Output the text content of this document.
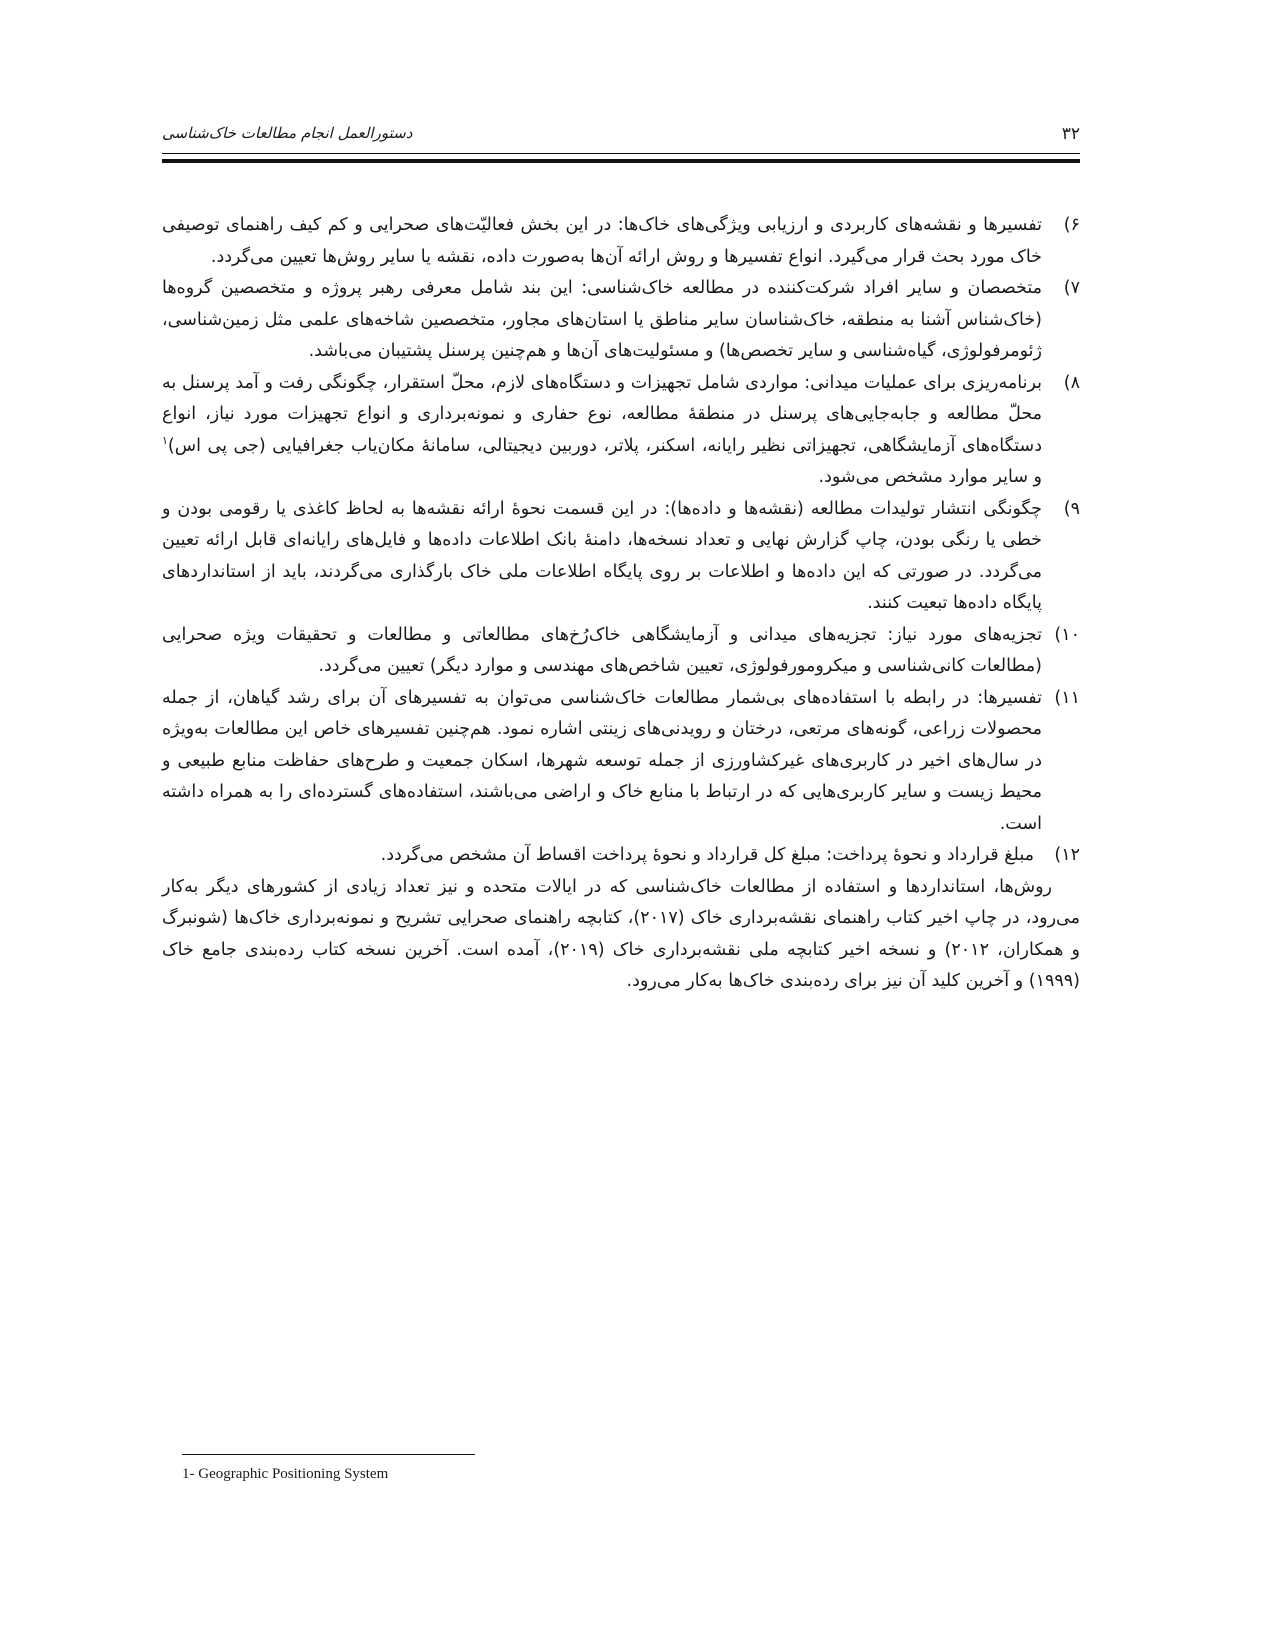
۳۲
دستورالعمل انجام مطالعات خاک‌شناسی
۶)
تفسیرها و نقشه‌های کاربردی و ارزیابی ویژگی‌های خاک‌ها: در این بخش فعالیّت‌های صحرایی و کم کیف راهنمای توصیفی خاک مورد بحث قرار می‌گیرد. انواع تفسیرها و روش ارائه آن‌ها به‌صورت داده، نقشه یا سایر روش‌ها تعیین می‌گردد.
۷)
متخصصان و سایر افراد شرکت‌کننده در مطالعه خاک‌شناسی: این بند شامل معرفی رهبر پروژه و متخصصین گروه‌ها (خاک‌شناس آشنا به منطقه، خاک‌شناسان سایر مناطق یا استان‌های مجاور، متخصصین شاخه‌های علمی مثل زمین‌شناسی، ژئومرفولوژی، گیاه‌شناسی و سایر تخصص‌ها) و مسئولیت‌های آن‌ها و هم‌چنین پرسنل پشتیبان می‌باشد.
۸)
برنامه‌ریزی برای عملیات میدانی: مواردی شامل تجهیزات و دستگاه‌های لازم، محلّ استقرار، چگونگی رفت و آمد پرسنل به محلّ مطالعه و جابه‌جایی‌های پرسنل در منطقهٔ مطالعه، نوع حفاری و نمونه‌برداری و انواع تجهیزات مورد نیاز، انواع دستگاه‌های آزمایشگاهی، تجهیزاتی نظیر رایانه، اسکنر، پلاتر، دوربین دیجیتالی، سامانهٔ مکان‌یاب جغرافیایی (جی پی اس)$^۱$ و سایر موارد مشخص می‌شود.
۹)
چگونگی انتشار تولیدات مطالعه (نقشه‌ها و داده‌ها): در این قسمت نحوهٔ ارائه نقشه‌ها به لحاظ کاغذی یا رقومی بودن و خطی یا رنگی بودن، چاپ گزارش نهایی و تعداد نسخه‌ها، دامنهٔ بانک اطلاعات داده‌ها و فایل‌های رایانه‌ای قابل ارائه تعیین می‌گردد. در صورتی که این داده‌ها و اطلاعات بر روی پایگاه اطلاعات ملی خاک بارگذاری می‌گردند، باید از استانداردهای پایگاه داده‌ها تبعیت کنند.
۱۰)
تجزیه‌های مورد نیاز: تجزیه‌های میدانی و آزمایشگاهی خاک‌رُخ‌های مطالعاتی و مطالعات و تحقیقات ویژه صحرایی (مطالعات کانی‌شناسی و میکرومورفولوژی، تعیین شاخص‌های مهندسی و موارد دیگر) تعیین می‌گردد.
۱۱)
تفسیرها: در رابطه با استفاده‌های بی‌شمار مطالعات خاک‌شناسی می‌توان به تفسیرهای آن برای رشد گیاهان، از جمله محصولات زراعی، گونه‌های مرتعی، درختان و رویدنی‌های زینتی اشاره نمود. هم‌چنین تفسیرهای خاص این مطالعات به‌ویژه در سال‌های اخیر در کاربری‌های غیرکشاورزی از جمله توسعه شهرها، اسکان جمعیت و طرح‌های حفاظت منابع طبیعی و محیط زیست و سایر کاربری‌هایی که در ارتباط با منابع خاک و اراضی می‌باشند، استفاده‌های گسترده‌ای را به همراه داشته است.
۱۲)
مبلغ قرارداد و نحوهٔ پرداخت: مبلغ کل قرارداد و نحوهٔ پرداخت اقساط آن مشخص می‌گردد.

روش‌ها، استانداردها و استفاده از مطالعات خاک‌شناسی که در ایالات متحده و نیز تعداد زیادی از کشورهای دیگر به‌کار می‌رود، در چاپ اخیر کتاب راهنمای نقشه‌برداری خاک (۲۰۱۷)، کتابچه راهنمای صحرایی تشریح و نمونه‌برداری خاک‌ها (شونبرگ و همکاران، ۲۰۱۲) و نسخه اخیر کتابچه ملی نقشه‌برداری خاک (۲۰۱۹)، آمده است. آخرین نسخه کتاب رده‌بندی جامع خاک (۱۹۹۹) و آخرین کلید آن نیز برای رده‌بندی خاک‌ها به‌کار می‌رود.

1- Geographic Positioning System
